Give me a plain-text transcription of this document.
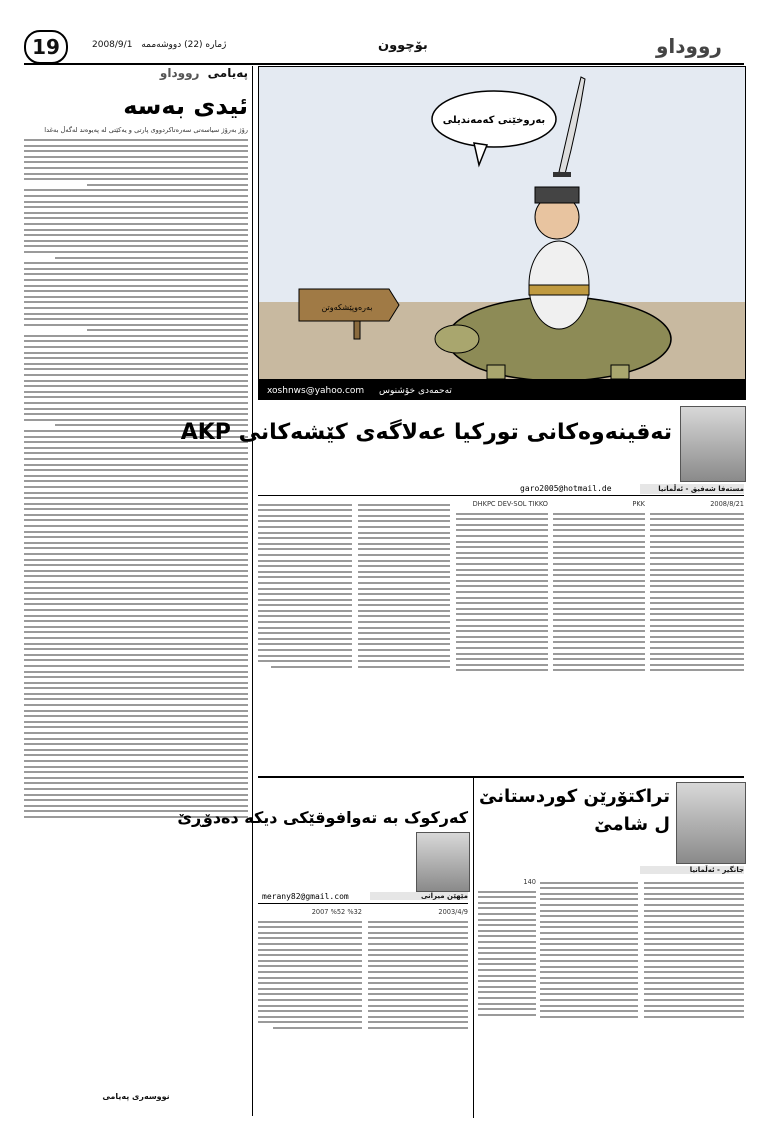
19	2008/9/1 ژمارە (22) دووشەممە	بۆچوون	رووداو
پەیامی رووداو
ئیدی بەسە
رۆژ بەرۆژ سیاسەتی سەرەتاکردووی پارتی و یەکێتی لە پەیوەند لەگەڵ بەغدا
نووسەری پەیامی
بەروخێنی کەمەندیلی
بەرەوپێشکەوتن
xoshnws@yahoo.com تەحمەدی خۆشنوس
تەقینەوەکانی تورکیا عەلاگەی کێشەکانی AKP
مستەفا شەفیق - ئەڵمانیا
garo2005@hotmail.de
2008/8/21
PKK
DHKPC DEV-SOL TIKKO
تراکتۆرێن کوردستانێ
ل شامێ
جانگیر - ئەڵمانیا
کەرکوک بە تەوافوقێکی دیکە دەدۆڕێ
مێهێن میرانی
merany82@gmail.com
140
2003/4/9
2007 %52 %32
